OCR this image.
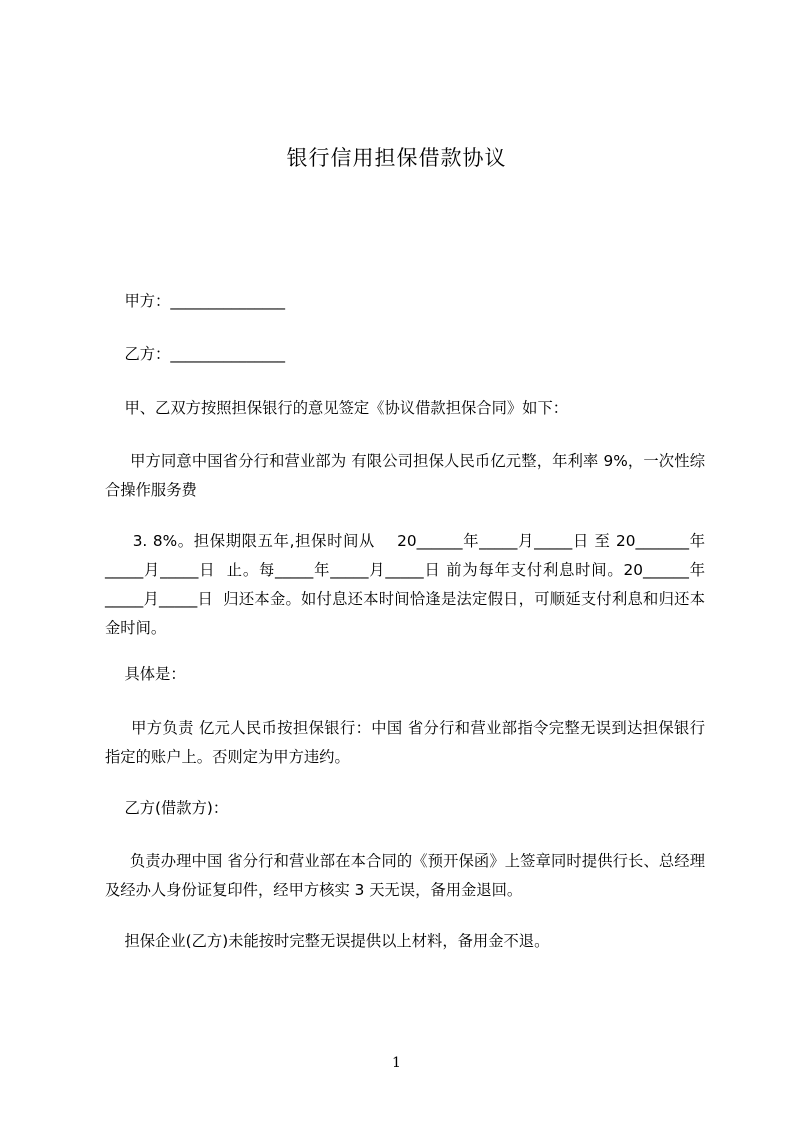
银行信用担保借款协议
甲方：_______________
乙方：_______________
甲、乙双方按照担保银行的意见签定《协议借款担保合同》如下：
甲方同意中国省分行和营业部为 有限公司担保人民币亿元整，年利率 9%，一次性综合操作服务费
3. 8%。担保期限五年,担保时间从    20______年_____月_____日 至 20_______年_____月_____日  止。每_____年_____月_____日 前为每年支付利息时间。20______年_____月_____日  归还本金。如付息还本时间恰逢是法定假日，可顺延支付利息和归还本金时间。
具体是：
甲方负责 亿元人民币按担保银行：中国 省分行和营业部指令完整无误到达担保银行指定的账户上。否则定为甲方违约。
乙方(借款方)：
负责办理中国 省分行和营业部在本合同的《预开保函》上签章同时提供行长、总经理及经办人身份证复印件，经甲方核实 3 天无误，备用金退回。
担保企业(乙方)未能按时完整无误提供以上材料，备用金不退。
1
